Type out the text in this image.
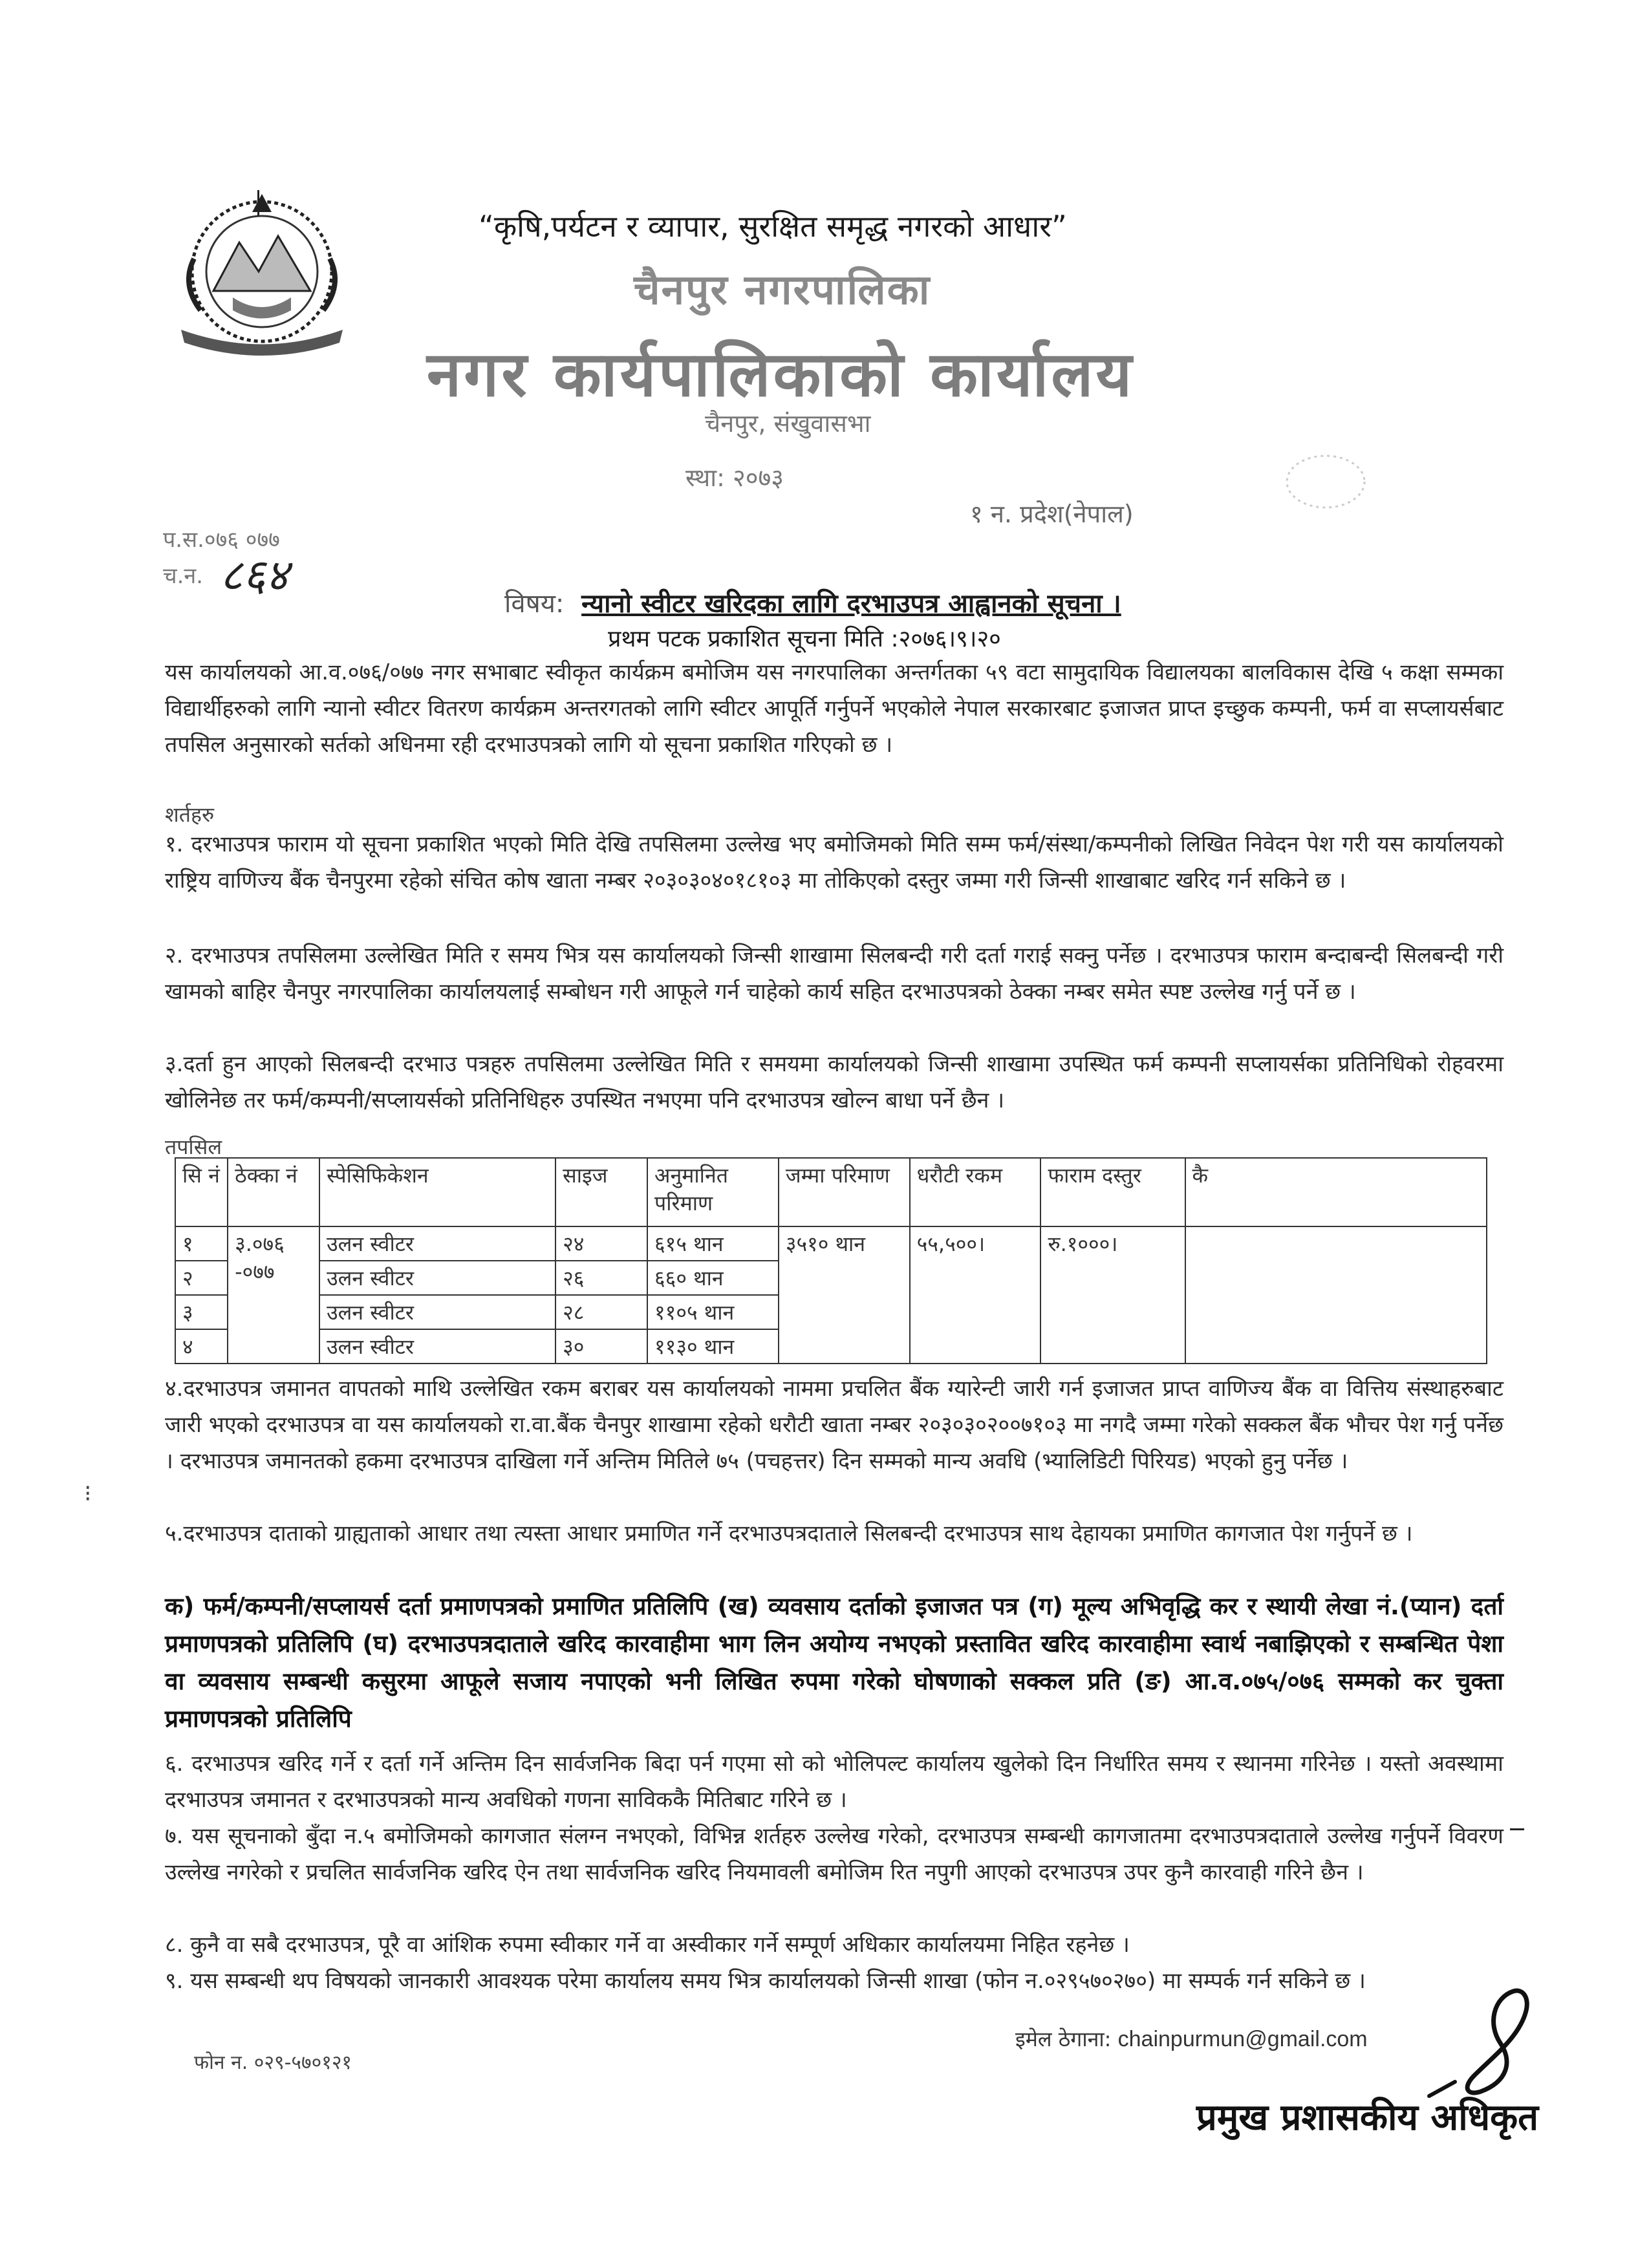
“कृषि,पर्यटन र व्यापार, सुरक्षित समृद्ध नगरको आधार”
चैनपुर नगरपालिका
नगर कार्यपालिकाको कार्यालय
चैनपुर, संखुवासभा
स्था: २०७३
१ न. प्रदेश(नेपाल)
प.स.०७६ ०७७
च.न. ८६४
विषय: न्यानो स्वीटर खरिदका लागि दरभाउपत्र आह्वानको सूचना ।
प्रथम पटक प्रकाशित सूचना मिति :२०७६।९।२०
यस कार्यालयको आ.व.०७६/०७७ नगर सभाबाट स्वीकृत कार्यक्रम बमोजिम यस नगरपालिका अन्तर्गतका ५९ वटा सामुदायिक विद्यालयका बालविकास देखि ५ कक्षा सम्मका विद्यार्थीहरुको लागि न्यानो स्वीटर वितरण कार्यक्रम अन्तरगतको लागि स्वीटर आपूर्ति गर्नुपर्ने भएकोले नेपाल सरकारबाट इजाजत प्राप्त इच्छुक कम्पनी, फर्म वा सप्लायर्सबाट तपसिल अनुसारको सर्तको अधिनमा रही दरभाउपत्रको लागि यो सूचना प्रकाशित गरिएको छ ।
शर्तहरु
१. दरभाउपत्र फाराम यो सूचना प्रकाशित भएको मिति देखि तपसिलमा उल्लेख भए बमोजिमको मिति सम्म फर्म/संस्था/कम्पनीको लिखित निवेदन पेश गरी यस कार्यालयको राष्ट्रिय वाणिज्य बैंक चैनपुरमा रहेको संचित कोष खाता नम्बर २०३०३०४०१८१०३ मा तोकिएको दस्तुर जम्मा गरी जिन्सी शाखाबाट खरिद गर्न सकिने छ ।
२. दरभाउपत्र तपसिलमा उल्लेखित मिति र समय भित्र यस कार्यालयको जिन्सी शाखामा सिलबन्दी गरी दर्ता गराई सक्नु पर्नेछ । दरभाउपत्र फाराम बन्दाबन्दी सिलबन्दी गरी खामको बाहिर चैनपुर नगरपालिका कार्यालयलाई सम्बोधन गरी आफूले गर्न चाहेको कार्य सहित दरभाउपत्रको ठेक्का नम्बर समेत स्पष्ट उल्लेख गर्नु पर्ने छ ।
३.दर्ता हुन आएको सिलबन्दी दरभाउ पत्रहरु तपसिलमा उल्लेखित मिति र समयमा कार्यालयको जिन्सी शाखामा उपस्थित फर्म कम्पनी सप्लायर्सका प्रतिनिधिको रोहवरमा खोलिनेछ तर फर्म/कम्पनी/सप्लायर्सको प्रतिनिधिहरु उपस्थित नभएमा पनि दरभाउपत्र खोल्न बाधा पर्ने छैन ।
तपसिल
सि नं	ठेक्का नं	स्पेसिफिकेशन	साइज	अनुमानित परिमाण	जम्मा परिमाण	धरौटी रकम	फाराम दस्तुर	कै
१	३.०७६
-०७७	उलन स्वीटर	२४	६१५ थान	३५१० थान	५५,५००।	रु.१०००।	
२		उलन स्वीटर	२६	६६० थान				
३		उलन स्वीटर	२८	११०५ थान				
४		उलन स्वीटर	३०	११३० थान				
४.दरभाउपत्र जमानत वापतको माथि उल्लेखित रकम बराबर यस कार्यालयको नाममा प्रचलित बैंक ग्यारेन्टी जारी गर्न इजाजत प्राप्त वाणिज्य बैंक वा वित्तिय संस्थाहरुबाट जारी भएको दरभाउपत्र वा यस कार्यालयको रा.वा.बैंक चैनपुर शाखामा रहेको धरौटी खाता नम्बर २०३०३०२००७१०३ मा नगदै जम्मा गरेको सक्कल बैंक भौचर पेश गर्नु पर्नेछ । दरभाउपत्र जमानतको हकमा दरभाउपत्र दाखिला गर्ने अन्तिम मितिले ७५ (पचहत्तर) दिन सम्मको मान्य अवधि (भ्यालिडिटी पिरियड) भएको हुनु पर्नेछ ।
⁝
५.दरभाउपत्र दाताको ग्राह्यताको आधार तथा त्यस्ता आधार प्रमाणित गर्ने दरभाउपत्रदाताले सिलबन्दी दरभाउपत्र साथ देहायका प्रमाणित कागजात पेश गर्नुपर्ने छ ।
क) फर्म/कम्पनी/सप्लायर्स दर्ता प्रमाणपत्रको प्रमाणित प्रतिलिपि (ख) व्यवसाय दर्ताको इजाजत पत्र (ग) मूल्य अभिवृद्धि कर र स्थायी लेखा नं.(प्यान) दर्ता प्रमाणपत्रको प्रतिलिपि (घ) दरभाउपत्रदाताले खरिद कारवाहीमा भाग लिन अयोग्य नभएको प्रस्तावित खरिद कारवाहीमा स्वार्थ नबाझिएको र सम्बन्धित पेशा वा व्यवसाय सम्बन्धी कसुरमा आफूले सजाय नपाएको भनी लिखित रुपमा गरेको घोषणाको सक्कल प्रति (ङ) आ.व.०७५/०७६ सम्मको कर चुक्ता प्रमाणपत्रको प्रतिलिपि
६. दरभाउपत्र खरिद गर्ने र दर्ता गर्ने अन्तिम दिन सार्वजनिक बिदा पर्न गएमा सो को भोलिपल्ट कार्यालय खुलेको दिन निर्धारित समय र स्थानमा गरिनेछ । यस्तो अवस्थामा दरभाउपत्र जमानत र दरभाउपत्रको मान्य अवधिको गणना साविककै मितिबाट गरिने छ ।
७. यस सूचनाको बुँदा न.५ बमोजिमको कागजात संलग्न नभएको, विभिन्न शर्तहरु उल्लेख गरेको, दरभाउपत्र सम्बन्धी कागजातमा दरभाउपत्रदाताले उल्लेख गर्नुपर्ने विवरण उल्लेख नगरेको र प्रचलित सार्वजनिक खरिद ऐन तथा सार्वजनिक खरिद नियमावली बमोजिम रित नपुगी आएको दरभाउपत्र उपर कुनै कारवाही गरिने छैन ।
८. कुनै वा सबै दरभाउपत्र, पूरै वा आंशिक रुपमा स्वीकार गर्ने वा अस्वीकार गर्ने सम्पूर्ण अधिकार कार्यालयमा निहित रहनेछ ।
९. यस सम्बन्धी थप विषयको जानकारी आवश्यक परेमा कार्यालय समय भित्र कार्यालयको जिन्सी शाखा (फोन न.०२९५७०२७०) मा सम्पर्क गर्न सकिने छ ।
इमेल ठेगाना: chainpurmun@gmail.com
फोन न. ०२९-५७०१२१
प्रमुख प्रशासकीय अधिकृत
